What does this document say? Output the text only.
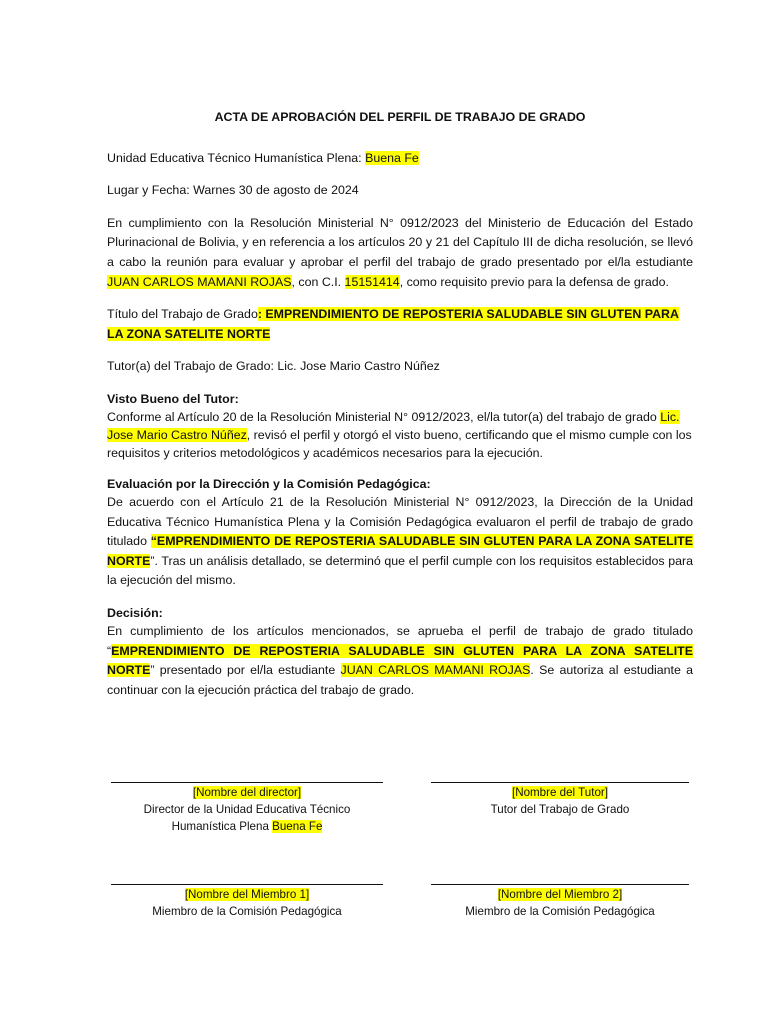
ACTA DE APROBACIÓN DEL PERFIL DE TRABAJO DE GRADO

Unidad Educativa Técnico Humanística Plena: Buena Fe

Lugar y Fecha: Warnes 30 de agosto de 2024

En cumplimiento con la Resolución Ministerial N° 0912/2023 del Ministerio de Educación del Estado Plurinacional de Bolivia, y en referencia a los artículos 20 y 21 del Capítulo III de dicha resolución, se llevó a cabo la reunión para evaluar y aprobar el perfil del trabajo de grado presentado por el/la estudiante JUAN CARLOS MAMANI ROJAS, con C.I. 15151414, como requisito previo para la defensa de grado.

Título del Trabajo de Grado: EMPRENDIMIENTO DE REPOSTERIA SALUDABLE SIN GLUTEN PARA LA ZONA SATELITE NORTE

Tutor(a) del Trabajo de Grado: Lic. Jose Mario Castro Núñez

Visto Bueno del Tutor:

Conforme al Artículo 20 de la Resolución Ministerial N° 0912/2023, el/la tutor(a) del trabajo de grado Lic. Jose Mario Castro Núñez, revisó el perfil y otorgó el visto bueno, certificando que el mismo cumple con los requisitos y criterios metodológicos y académicos necesarios para la ejecución.

Evaluación por la Dirección y la Comisión Pedagógica:

De acuerdo con el Artículo 21 de la Resolución Ministerial N° 0912/2023, la Dirección de la Unidad Educativa Técnico Humanística Plena y la Comisión Pedagógica evaluaron el perfil de trabajo de grado titulado “EMPRENDIMIENTO DE REPOSTERIA SALUDABLE SIN GLUTEN PARA LA ZONA SATELITE NORTE”. Tras un análisis detallado, se determinó que el perfil cumple con los requisitos establecidos para la ejecución del mismo.

Decisión:

En cumplimiento de los artículos mencionados, se aprueba el perfil de trabajo de grado titulado “EMPRENDIMIENTO DE REPOSTERIA SALUDABLE SIN GLUTEN PARA LA ZONA SATELITE NORTE” presentado por el/la estudiante JUAN CARLOS MAMANI ROJAS. Se autoriza al estudiante a continuar con la ejecución práctica del trabajo de grado.

[Nombre del director]
Director de la Unidad Educativa Técnico
Humanística Plena Buena Fe
[Nombre del Tutor]
Tutor del Trabajo de Grado
[Nombre del Miembro 1]
Miembro de la Comisión Pedagógica
[Nombre del Miembro 2]
Miembro de la Comisión Pedagógica
